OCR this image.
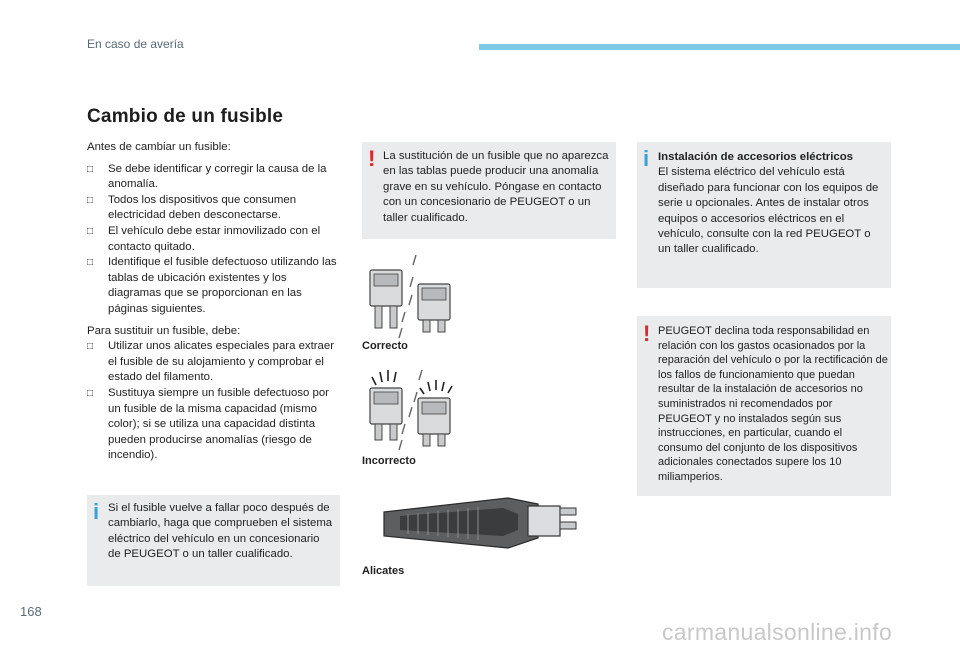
En caso de avería
Cambio de un fusible
Antes de cambiar un fusible:
□ Se debe identificar y corregir la causa de la anomalía.
□ Todos los dispositivos que consumen electricidad deben desconectarse.
□ El vehículo debe estar inmovilizado con el contacto quitado.
□ Identifique el fusible defectuoso utilizando las tablas de ubicación existentes y los diagramas que se proporcionan en las páginas siguientes.
Para sustituir un fusible, debe:
□ Utilizar unos alicates especiales para extraer el fusible de su alojamiento y comprobar el estado del filamento.
□ Sustituya siempre un fusible defectuoso por un fusible de la misma capacidad (mismo color); si se utiliza una capacidad distinta pueden producirse anomalías (riesgo de incendio).
i Si el fusible vuelve a fallar poco después de cambiarlo, haga que comprueben el sistema eléctrico del vehículo en un concesionario de PEUGEOT o un taller cualificado.
! La sustitución de un fusible que no aparezca en las tablas puede producir una anomalía grave en su vehículo. Póngase en contacto con un concesionario de PEUGEOT o un taller cualificado.
Correcto
Incorrecto
Alicates
i Instalación de accesorios eléctricos
El sistema eléctrico del vehículo está diseñado para funcionar con los equipos de serie u opcionales. Antes de instalar otros equipos o accesorios eléctricos en el vehículo, consulte con la red PEUGEOT o un taller cualificado.
! PEUGEOT declina toda responsabilidad en relación con los gastos ocasionados por la reparación del vehículo o por la rectificación de los fallos de funcionamiento que puedan resultar de la instalación de accesorios no suministrados ni recomendados por PEUGEOT y no instalados según sus instrucciones, en particular, cuando el consumo del conjunto de los dispositivos adicionales conectados supere los 10 miliamperios.
168
carmanualsonline.info
